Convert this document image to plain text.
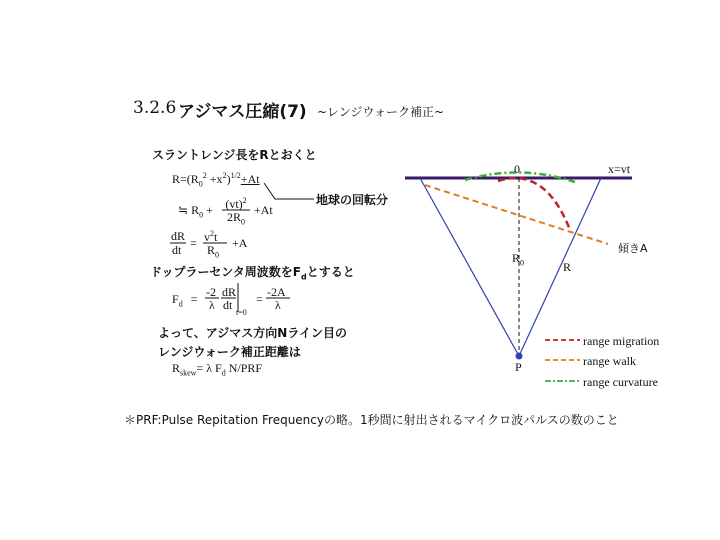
3.2.6 アジマス圧縮(7) ~レンジウォーク補正~
スラントレンジ長をRとおくと
$R=(R_0^2 +x^2)^{1/2}+At$
地球の回転分
≒ $R_0 + (vt)^2$
$2R_0$
+At
dR
dt = $v^2t$
$R_0$
+A
ドップラーセンタ周波数を$F_d$とすると
$F_d = -2$
λ
dR
dt
t=0
= -2A
λ
よって、アジマス方向Nライン目の
レンジウォーク補正距離は
$R_{skew}= \lambda$ $F_d$ N/PRF
0	x=vt
$R_0$	R
傾きA
P
range migration
range walk
range curvature
＊PRF:Pulse Repitation Frequencyの略。1秒間に射出されるマイクロ波パルスの数のこと
